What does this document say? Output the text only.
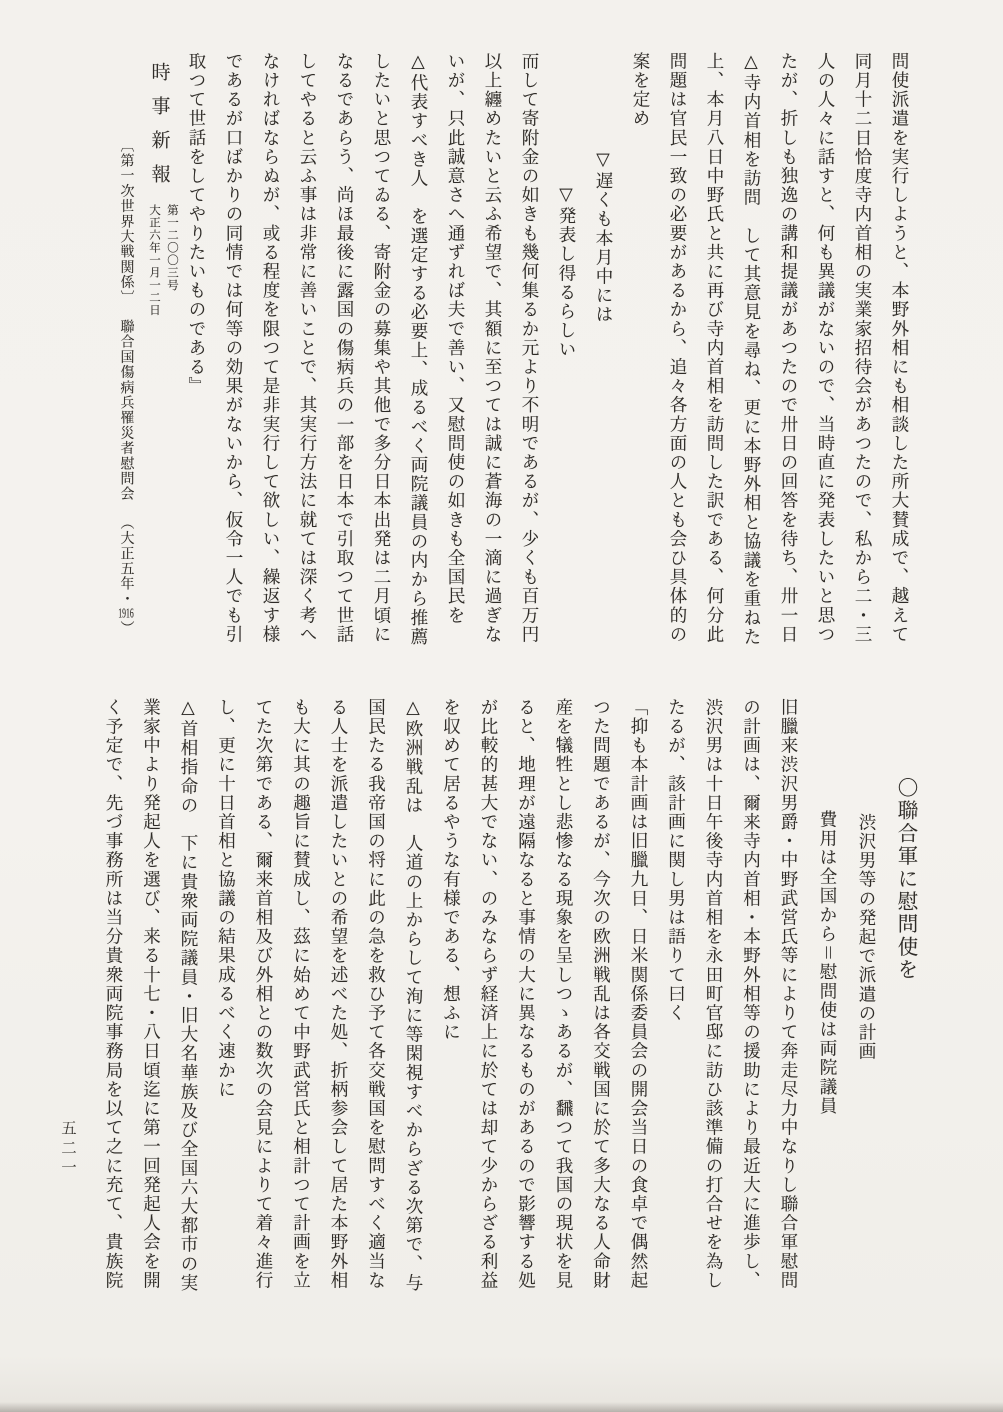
問使派遣を実行しようと、本野外相にも相談した所大賛成で、越えて

同月十二日恰度寺内首相の実業家招待会があつたので、私から二・三

人の人々に話すと、何も異議がないので、当時直に発表したいと思つ

たが、折しも独逸の講和提議があつたので卅日の回答を待ち、卅一日

△寺内首相を訪問　して其意見を尋ね、更に本野外相と協議を重ねた

上、本月八日中野氏と共に再び寺内首相を訪問した訳である、何分此

問題は官民一致の必要があるから、追々各方面の人とも会ひ具体的の

案を定め

▽遅くも本月中には

▽発表し得るらしい

而して寄附金の如きも幾何集るか元より不明であるが、少くも百万円

以上纏めたいと云ふ希望で、其額に至つては誠に蒼海の一滴に過ぎな

いが、只此誠意さへ通ずれば夫で善い、又慰問使の如きも全国民を

△代表すべき人　を選定する必要上、成るべく両院議員の内から推薦

したいと思つてゐる、寄附金の募集や其他で多分日本出発は二月頃に

なるであらう、尚ほ最後に露国の傷病兵の一部を日本で引取つて世話

してやると云ふ事は非常に善いことで、其実行方法に就ては深く考へ

なければならぬが、或る程度を限つて是非実行して欲しい、繰返す様

であるが口ばかりの同情では何等の効果がないから、仮令一人でも引

取つて世話をしてやりたいものである』

時事新報
第一二〇〇三号
大正六年一月一二日

〔第一次世界大戦関係〕聯合国傷病兵罹災者慰問会（大正五年・1916）

〇聯合軍に慰問使を

渋沢男等の発起で派遣の計画

費用は全国から＝慰問使は両院議員

旧臘来渋沢男爵・中野武営氏等によりて奔走尽力中なりし聯合軍慰問

の計画は、爾来寺内首相・本野外相等の援助により最近大に進歩し、

渋沢男は十日午後寺内首相を永田町官邸に訪ひ該準備の打合せを為し

たるが、該計画に関し男は語りて曰く

「抑も本計画は旧臘九日、日米関係委員会の開会当日の食卓で偶然起

つた問題であるが、今次の欧洲戦乱は各交戦国に於て多大なる人命財

産を犠牲とし悲惨なる現象を呈しつゝあるが、飜つて我国の現状を見

ると、地理が遠隔なると事情の大に異なるものがあるので影響する処

が比較的甚大でない、のみならず経済上に於ては却て少からざる利益

を収めて居るやうな有様である、想ふに

△欧洲戦乱は　人道の上からして洵に等閑視すべからざる次第で、与

国民たる我帝国の将に此の急を救ひ予て各交戦国を慰問すべく適当な

る人士を派遣したいとの希望を述べた処、折柄参会して居た本野外相

も大に其の趣旨に賛成し、茲に始めて中野武営氏と相計つて計画を立

てた次第である、爾来首相及び外相との数次の会見によりて着々進行

し、更に十日首相と協議の結果成るべく速かに

△首相指命の　下に貴衆両院議員・旧大名華族及び全国六大都市の実

業家中より発起人を選び、来る十七・八日頃迄に第一回発起人会を開

く予定で、先づ事務所は当分貴衆両院事務局を以て之に充て、貴族院

五二一
